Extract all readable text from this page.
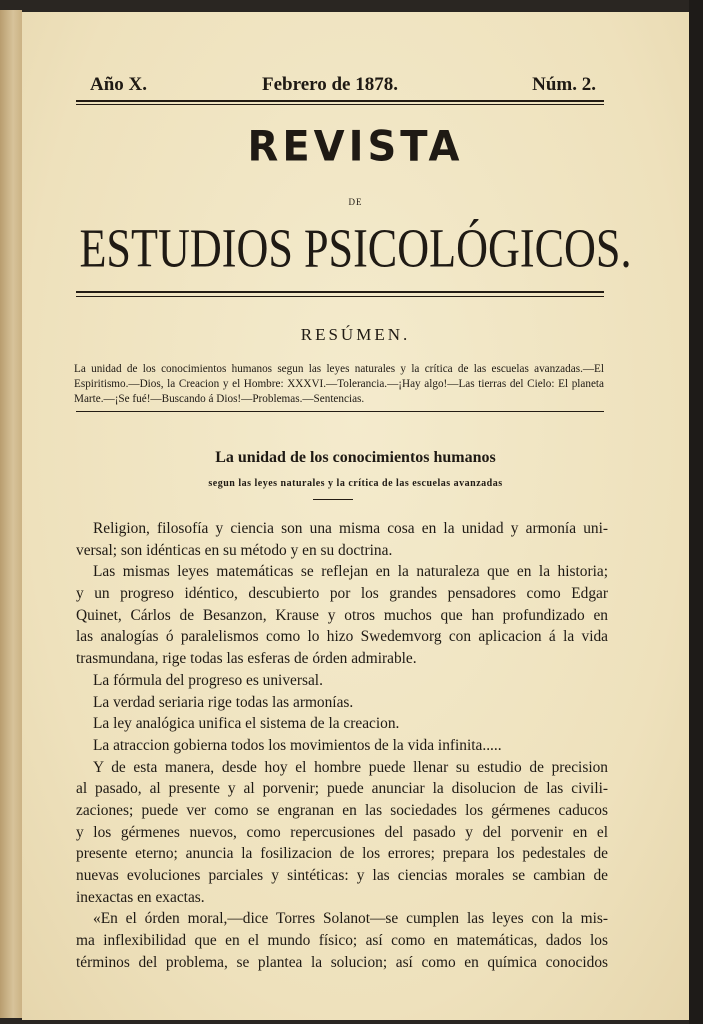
Año X.	Febrero de 1878.	Núm. 2.
REVISTA
DE
ESTUDIOS PSICOLÓGICOS.
RESÚMEN.
La unidad de los conocimientos humanos segun las leyes naturales y la crítica de las escuelas avanzadas.—El Espiritismo.—Dios, la Creacion y el Hombre: XXXVI.—Tolerancia.—¡Hay algo!—Las tierras del Cielo: El planeta Marte.—¡Se fué!—Buscando á Dios!—Problemas.—Sentencias.
La unidad de los conocimientos humanos
segun las leyes naturales y la crítica de las escuelas avanzadas
Religion, filosofía y ciencia son una misma cosa en la unidad y armonía uni-
versal; son idénticas en su método y en su doctrina.
Las mismas leyes matemáticas se reflejan en la naturaleza que en la historia;
y un progreso idéntico, descubierto por los grandes pensadores como Edgar
Quinet, Cárlos de Besanzon, Krause y otros muchos que han profundizado en
las analogías ó paralelismos como lo hizo Swedemvorg con aplicacion á la vida
trasmundana, rige todas las esferas de órden admirable.
La fórmula del progreso es universal.
La verdad seriaria rige todas las armonías.
La ley analógica unifica el sistema de la creacion.
La atraccion gobierna todos los movimientos de la vida infinita.....
Y de esta manera, desde hoy el hombre puede llenar su estudio de precision
al pasado, al presente y al porvenir; puede anunciar la disolucion de las civili-
zaciones; puede ver como se engranan en las sociedades los gérmenes caducos
y los gérmenes nuevos, como repercusiones del pasado y del porvenir en el
presente eterno; anuncia la fosilizacion de los errores; prepara los pedestales de
nuevas evoluciones parciales y sintéticas: y las ciencias morales se cambian de
inexactas en exactas.
«En el órden moral,—dice Torres Solanot—se cumplen las leyes con la mis-
ma inflexibilidad que en el mundo físico; así como en matemáticas, dados los
términos del problema, se plantea la solucion; así como en química conocidos
